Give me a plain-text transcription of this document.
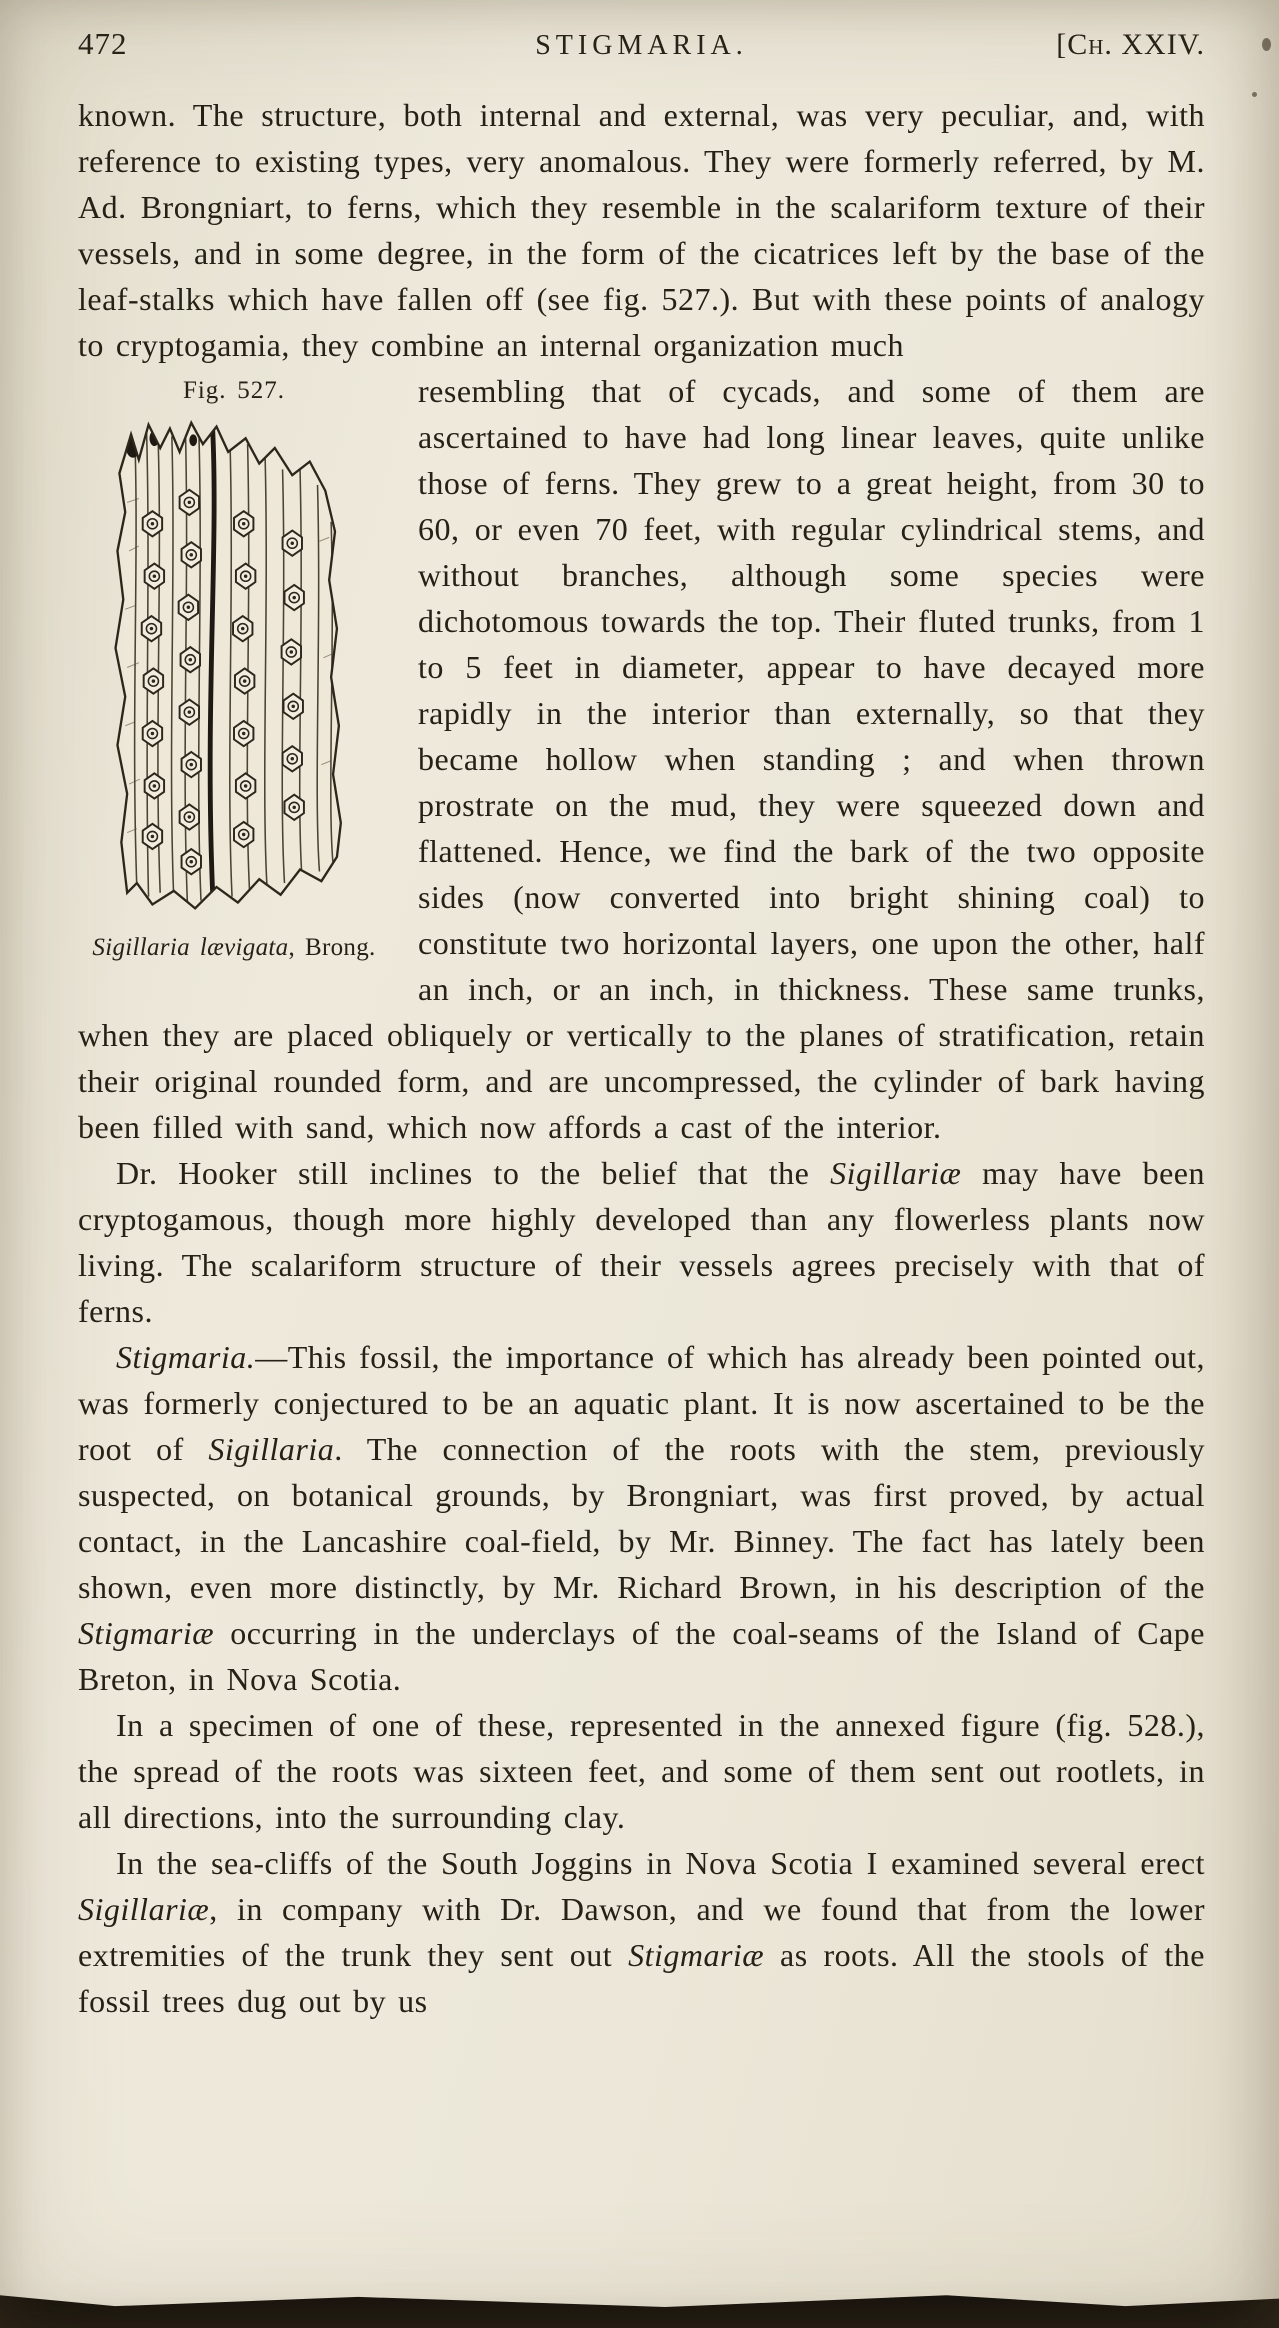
472	STIGMARIA.	[Ch. XXIV.

known. The structure, both internal and external, was very peculiar, and, with reference to existing types, very anomalous. They were formerly referred, by M. Ad. Brongniart, to ferns, which they resemble in the scalariform texture of their vessels, and in some degree, in the form of the cicatrices left by the base of the leaf-stalks which have fallen off (see fig. 527.). But with these points of analogy to cryptogamia, they combine an internal organization much

Fig. 527.
Sigillaria lævigata, Brong.

resembling that of cycads, and some of them are ascertained to have had long linear leaves, quite unlike those of ferns. They grew to a great height, from 30 to 60, or even 70 feet, with regular cylindrical stems, and without branches, although some species were dichotomous towards the top. Their fluted trunks, from 1 to 5 feet in diameter, appear to have decayed more rapidly in the interior than externally, so that they became hollow when standing ; and when thrown prostrate on the mud, they were squeezed down and flattened. Hence, we find the bark of the two opposite sides (now converted into bright shining coal) to constitute two horizontal layers, one upon the other, half an inch, or an inch, in thickness. These same trunks, when they are placed obliquely or vertically to the planes of stratification, retain their original rounded form, and are uncompressed, the cylinder of bark having been filled with sand, which now affords a cast of the interior.

Dr. Hooker still inclines to the belief that the Sigillariæ may have been cryptogamous, though more highly developed than any flowerless plants now living. The scalariform structure of their vessels agrees precisely with that of ferns.

Stigmaria.—This fossil, the importance of which has already been pointed out, was formerly conjectured to be an aquatic plant. It is now ascertained to be the root of Sigillaria. The connection of the roots with the stem, previously suspected, on botanical grounds, by Brongniart, was first proved, by actual contact, in the Lancashire coal-field, by Mr. Binney. The fact has lately been shown, even more distinctly, by Mr. Richard Brown, in his description of the Stigmariæ occurring in the underclays of the coal-seams of the Island of Cape Breton, in Nova Scotia.

In a specimen of one of these, represented in the annexed figure (fig. 528.), the spread of the roots was sixteen feet, and some of them sent out rootlets, in all directions, into the surrounding clay.

In the sea-cliffs of the South Joggins in Nova Scotia I examined several erect Sigillariæ, in company with Dr. Dawson, and we found that from the lower extremities of the trunk they sent out Stigmariæ as roots. All the stools of the fossil trees dug out by us
